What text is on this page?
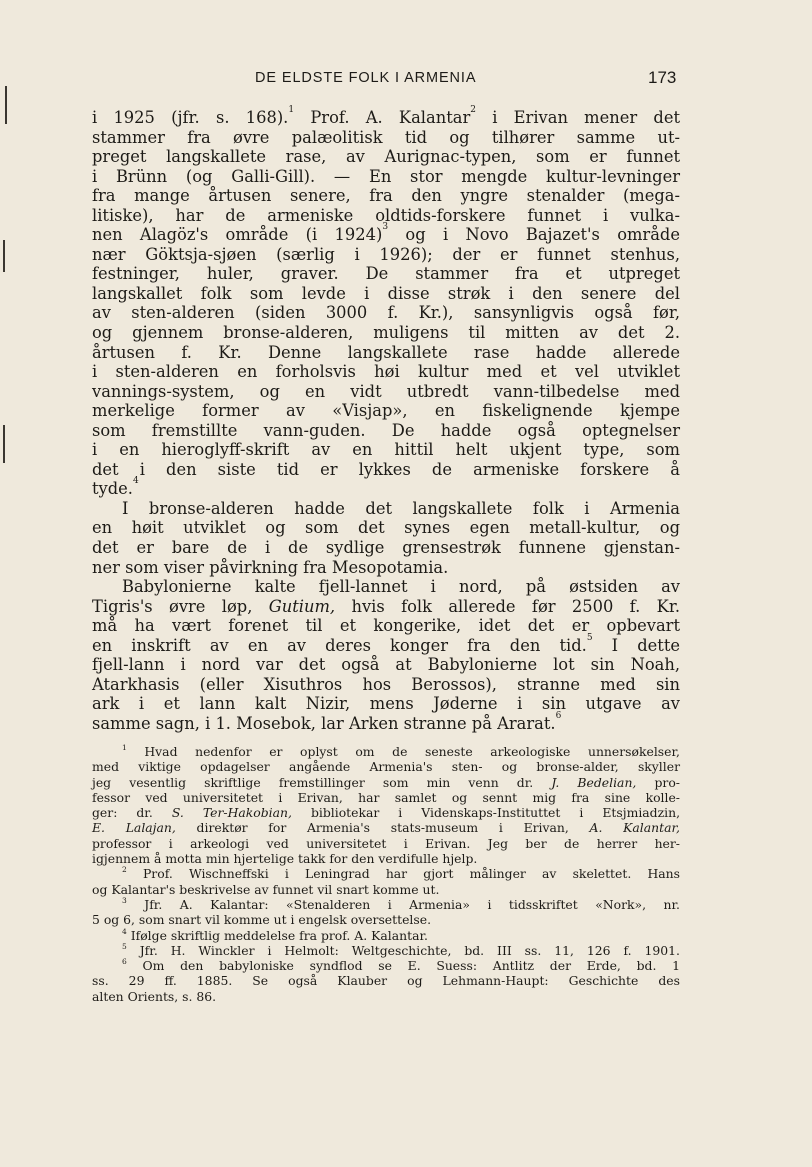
DE ELDSTE FOLK I ARMENIA	173
i 1925 (jfr. s. 168).$^1$ Prof. A. Kalantar$^2$ i Erivan mener det
stammer fra øvre palæolitisk tid og tilhører samme ut-
preget langskallete rase, av Aurignac-typen, som er funnet
i Brünn (og Galli-Gill). — En stor mengde kultur-levninger
fra mange årtusen senere, fra den yngre stenalder (mega-
litiske), har de armeniske oldtids-forskere funnet i vulka-
nen Alagöz's område (i 1924)$^3$ og i Novo Bajazet's område
nær Göktsja-sjøen (særlig i 1926); der er funnet stenhus,
festninger, huler, graver. De stammer fra et utpreget
langskallet folk som levde i disse strøk i den senere del
av sten-alderen (siden 3000 f. Kr.), sansynligvis også før,
og gjennem bronse-alderen, muligens til mitten av det 2.
årtusen f. Kr. Denne langskallete rase hadde allerede
i sten-alderen en forholsvis høi kultur med et vel utviklet
vannings-system, og en vidt utbredt vann-tilbedelse med
merkelige former av «Visjap», en fiskelignende kjempe
som fremstillte vann-guden. De hadde også optegnelser
i en hieroglyff-skrift av en hittil helt ukjent type, som
det i den siste tid er lykkes de armeniske forskere å
tyde.$^4$
I bronse-alderen hadde det langskallete folk i Armenia
en høit utviklet og som det synes egen metall-kultur, og
det er bare de i de sydlige grensestrøk funnene gjenstan-
ner som viser påvirkning fra Mesopotamia.
Babylonierne kalte fjell-lannet i nord, på østsiden av
Tigris's øvre løp, Gutium, hvis folk allerede før 2500 f. Kr.
må ha vært forenet til et kongerike, idet det er opbevart
en inskrift av en av deres konger fra den tid.$^5$ I dette
fjell-lann i nord var det også at Babylonierne lot sin Noah,
Atarkhasis (eller Xisuthros hos Berossos), stranne med sin
ark i et lann kalt Nizir, mens Jøderne i sin utgave av
samme sagn, i 1. Mosebok, lar Arken stranne på Ararat.$^6$
$^1$ Hvad nedenfor er oplyst om de seneste arkeologiske unnersøkelser,
med viktige opdagelser angående Armenia's sten- og bronse-alder, skyller
jeg vesentlig skriftlige fremstillinger som min venn dr. J. Bedelian, pro-
fessor ved universitetet i Erivan, har samlet og sennt mig fra sine kolle-
ger: dr. S. Ter-Hakobian, bibliotekar i Videnskaps-Instituttet i Etsjmiadzin,
E. Lalajan, direktør for Armenia's stats-museum i Erivan, A. Kalantar,
professor i arkeologi ved universitetet i Erivan. Jeg ber de herrer her-
igjennem å motta min hjertelige takk for den verdifulle hjelp.
$^2$ Prof. Wischneffski i Leningrad har gjort målinger av skelettet. Hans
og Kalantar's beskrivelse av funnet vil snart komme ut.
$^3$ Jfr. A. Kalantar: «Stenalderen i Armenia» i tidsskriftet «Nork», nr.
5 og 6, som snart vil komme ut i engelsk oversettelse.
$^4$ Ifølge skriftlig meddelelse fra prof. A. Kalantar.
$^5$ Jfr. H. Winckler i Helmolt: Weltgeschichte, bd. III ss. 11, 126 f. 1901.
$^6$ Om den babyloniske syndflod se E. Suess: Antlitz der Erde, bd. 1
ss. 29 ff. 1885. Se også Klauber og Lehmann-Haupt: Geschichte des
alten Orients, s. 86.
